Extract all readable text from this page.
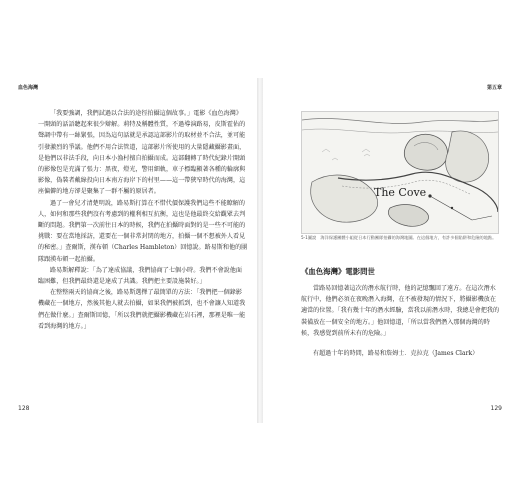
血色海灣

「我要強調，我們試過以合法的途徑拍攝這個故事。」電影《血色海灣》一開頭的話語聽起來很少辯解。莉特及稱體性質，不過導演路易，皮斯霍佑的聲調中帶有一絲緊張，因為這句話就是承認這部影片的取材並不合法，並可能引發激烈的爭議。他們不用合法管道，這部影片所使用的大量隱藏攝影畫面，是他們以非法手段，向日本小漁村擅自拍攝而成。這部翻轉了時代紀錄片開頭的影像包是充滿了張力：黑夜，燈光，警用細軌，車子標臨顯著各種的輪廓與影像，偽裝者戴綠投向日本南方海岸下的村里——這一帶狹窄時代的海灣，這座偏僻的地方卻是聚集了一群不屬的原居者。

過了一會兒才清楚明說，路易斯打算在不惜代價保護我們這些不能瞭解的人，如何和那些我們沒有考慮到的權利相互抗衡，這也是他最終交給觀眾去判斷的問題。我們第一次前往日本的時候，我們在拍攝時面對的是一些不可能的挑戰：要在當地採訪，還要在一個非常封閉的地方，拍攝一個不想被外人看見的秘密。」查爾斯，漢布頓（Charles Hambleton）回憶說。路易斯和他的團隊跟漢布頓一起拍攝。

路易斯解釋說：「為了達成協議，我們協商了七個小時。我們不會說他面臨困難，但我們最終還是達成了共識。我們把主要設施裝好。」

在整整兩天的協商之後，路易斯選擇了最簡單的方法：「我們把一個錄影機藏在一個地方，然後其他人就去拍攝，如果我們被抓到，也不會讓人知道我們在做什麼。」查爾斯回憶，「所以我們就把攝影機藏在岩石裡，那裡是唯一能看到海灣的地方。」

128
第五章
The Cove
5-1圖說　海洋保護團體小組從日本行動團隊拍攝的海灣地圖。在這個地方，有許多個陷阱和危險的地點。
《血色海灣》電影問世

當路易回憶著這次的潛水航行時，他的記憶飄回了遠方。在這次潛水航行中，他們必須在夜晚潛入海灣，在不被發現的情況下，將攝影機放在適當的位置。「我有幾十年的潛水經驗，當我以前潛水時，我總是會把我的裝備放在一個安全的地方。」他回憶道，「所以當我們潛入那個海灣的時候，我感覺到前所未有的危險。」

有超過十年的時間，路易和詹姆士．克拉克（James Clark）

129
